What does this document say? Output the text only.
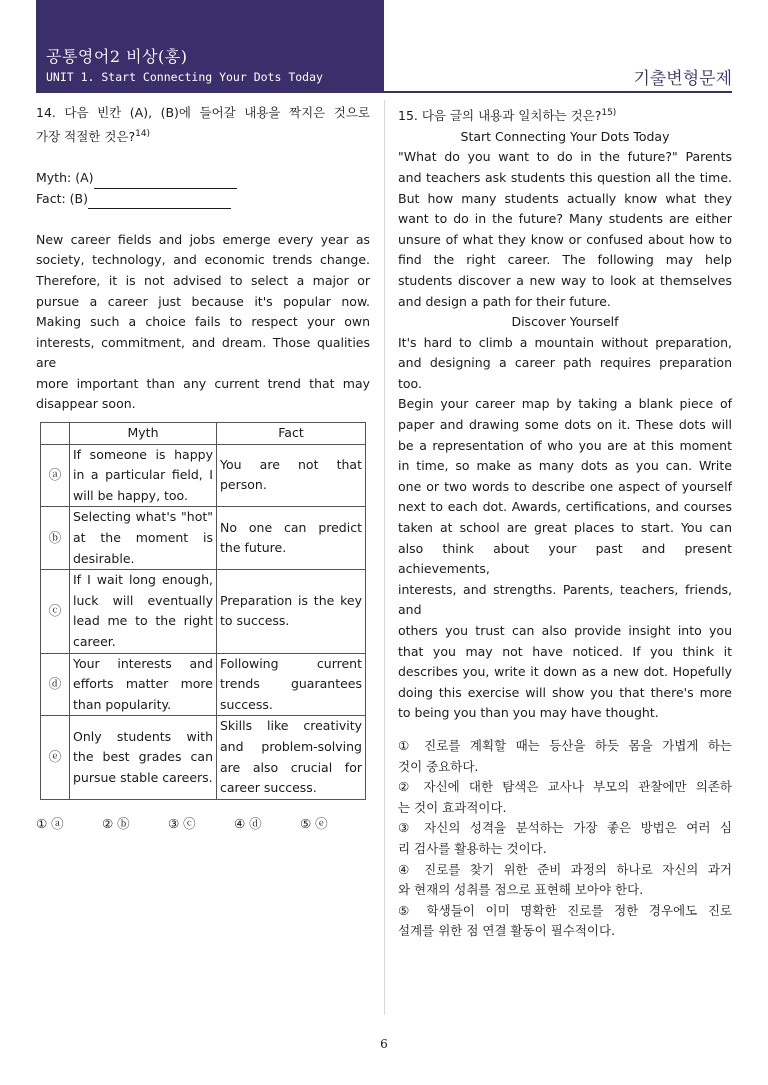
공통영어2 비상(홍)
UNIT 1. Start Connecting Your Dots Today	기출변형문제

14. 다음 빈칸 (A), (B)에 들어갈 내용을 짝지은 것으로

가장 적절한 것은?$^{14)}$

Myth: (A)

Fact: (B)

New career fields and jobs emerge every year as

society, technology, and economic trends change.

Therefore, it is not advised to select a major or

pursue a career just because it's popular now.

Making such a choice fails to respect your own

interests, commitment, and dream. Those qualities are

more important than any current trend that may

disappear soon.

	Myth	Fact
ⓐ	If someone is happy in a particular field, I will be happy, too.	You are not that person.
ⓑ	Selecting what's "hot" at the moment is desirable.	No one can predict the future.
ⓒ	If I wait long enough, luck will eventually lead me to the right career.	Preparation is the key to success.
ⓓ	Your interests and efforts matter more than popularity.	Following current trends guarantees success.
ⓔ	Only students with the best grades can pursue stable careers.	Skills like creativity and problem-solving are also crucial for career success.
① ⓐ	② ⓑ	③ ⓒ	④ ⓓ	⑤ ⓔ

15. 다음 글의 내용과 일치하는 것은?$^{15)}$

Start Connecting Your Dots Today

"What do you want to do in the future?" Parents

and teachers ask students this question all the time.

But how many students actually know what they

want to do in the future? Many students are either

unsure of what they know or confused about how to

find the right career. The following may help

students discover a new way to look at themselves

and design a path for their future.

Discover Yourself

It's hard to climb a mountain without preparation,

and designing a career path requires preparation too.

Begin your career map by taking a blank piece of

paper and drawing some dots on it. These dots will

be a representation of who you are at this moment

in time, so make as many dots as you can. Write

one or two words to describe one aspect of yourself

next to each dot. Awards, certifications, and courses

taken at school are great places to start. You can

also think about your past and present achievements,

interests, and strengths. Parents, teachers, friends, and

others you trust can also provide insight into you

that you may not have noticed. If you think it

describes you, write it down as a new dot. Hopefully

doing this exercise will show you that there's more

to being you than you may have thought.

① 진로를 계획할 때는 등산을 하듯 몸을 가볍게 하는

것이 중요하다.

② 자신에 대한 탐색은 교사나 부모의 관찰에만 의존하

는 것이 효과적이다.

③ 자신의 성격을 분석하는 가장 좋은 방법은 여러 심

리 검사를 활용하는 것이다.

④ 진로를 찾기 위한 준비 과정의 하나로 자신의 과거

와 현재의 성취를 점으로 표현해 보아야 한다.

⑤ 학생들이 이미 명확한 진로를 정한 경우에도 진로

설계를 위한 점 연결 활동이 필수적이다.

6
